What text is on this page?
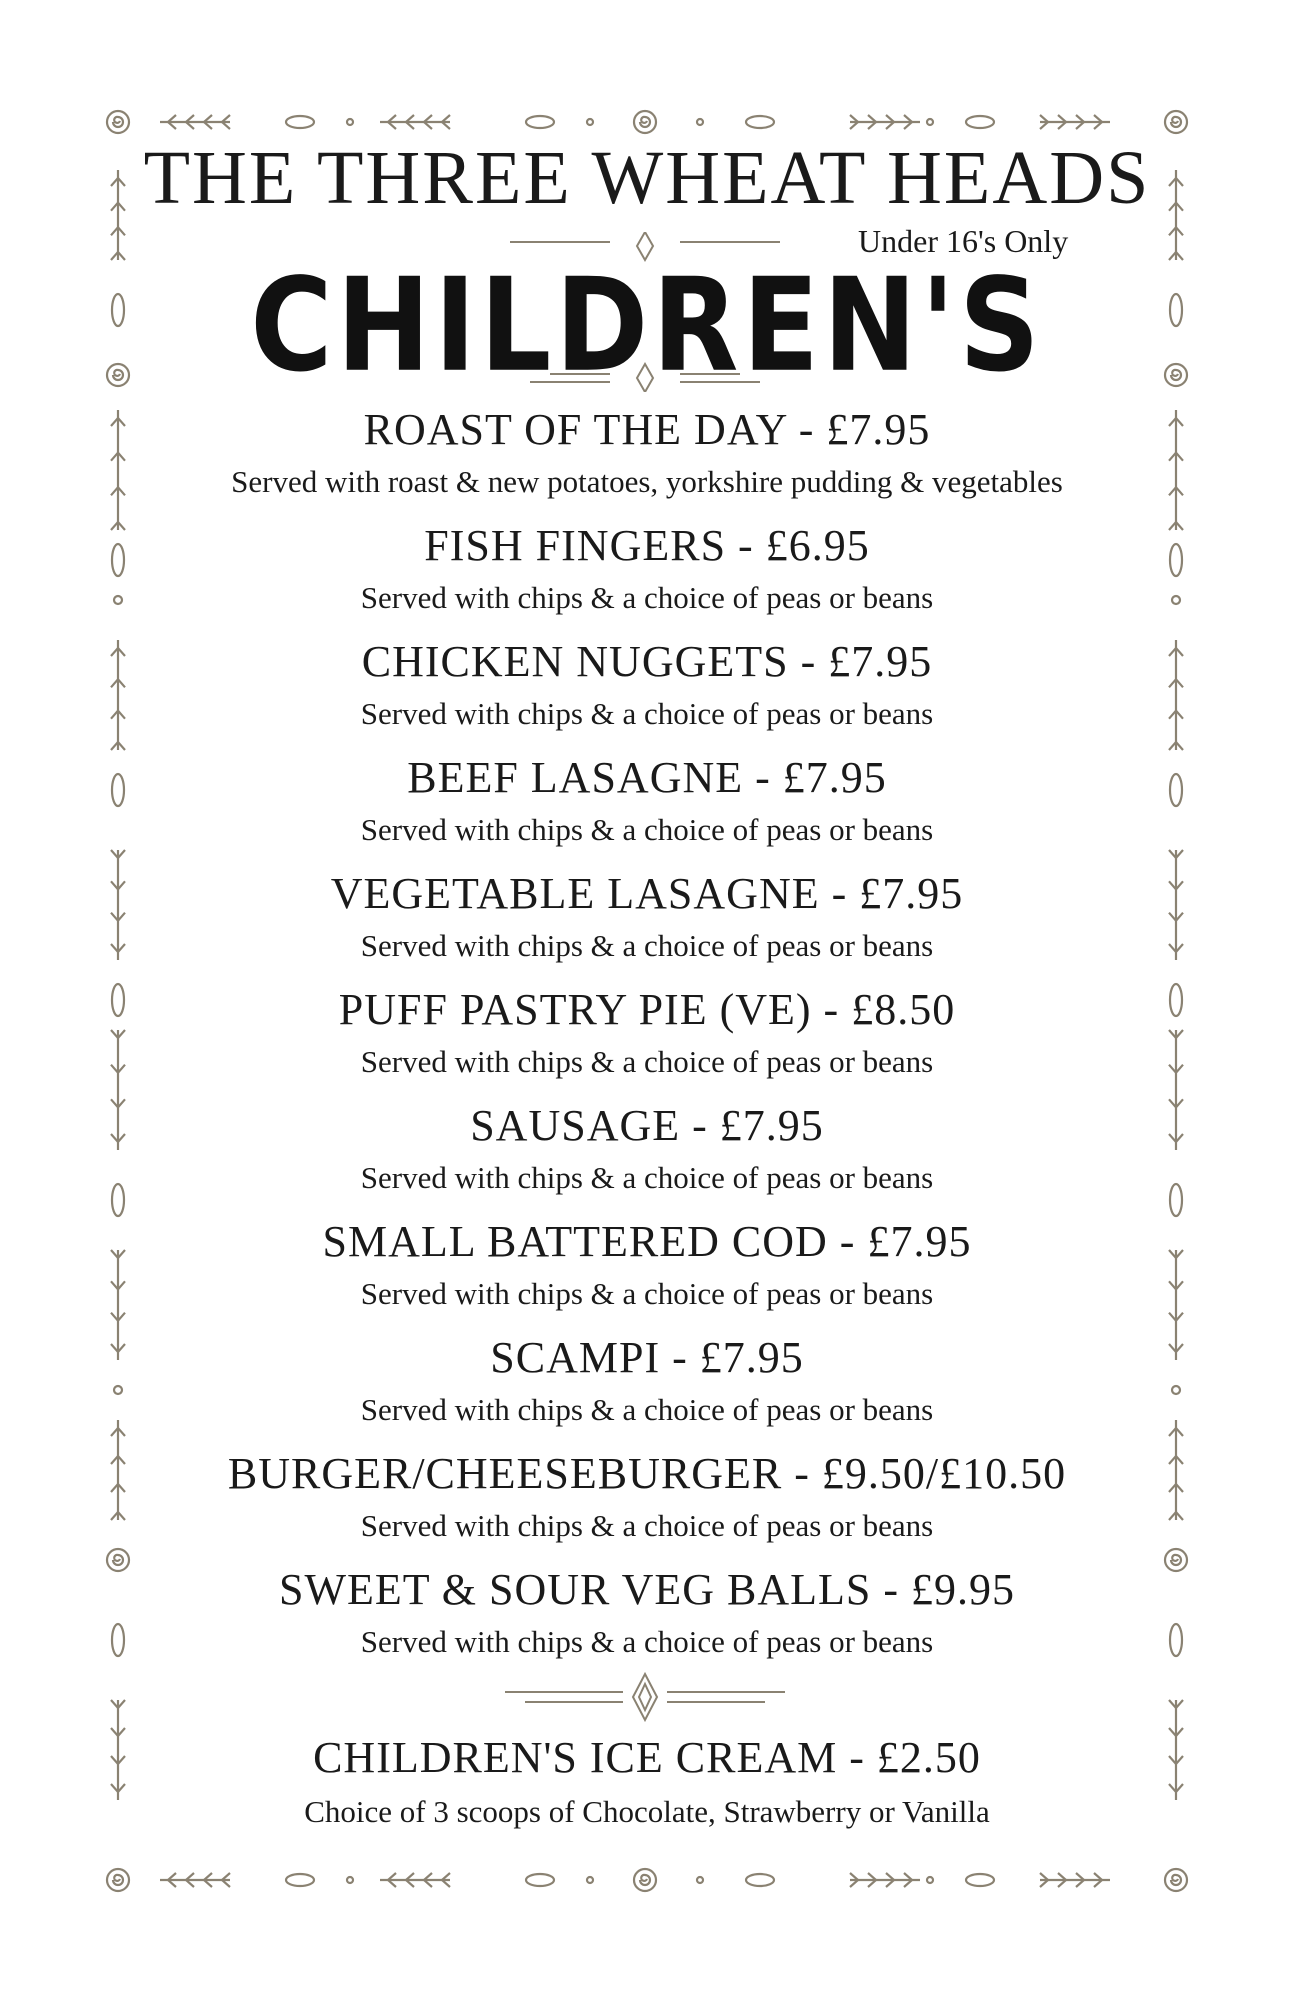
THE THREE WHEAT HEADS
Under 16's Only
CHILDREN'S
ROAST OF THE DAY - £7.95
Served with roast & new potatoes, yorkshire pudding & vegetables
FISH FINGERS - £6.95
Served with chips & a choice of peas or beans
CHICKEN NUGGETS - £7.95
Served with chips & a choice of peas or beans
BEEF LASAGNE - £7.95
Served with chips & a choice of peas or beans
VEGETABLE LASAGNE - £7.95
Served with chips & a choice of peas or beans
PUFF PASTRY PIE (VE) - £8.50
Served with chips & a choice of peas or beans
SAUSAGE - £7.95
Served with chips & a choice of peas or beans
SMALL BATTERED COD - £7.95
Served with chips & a choice of peas or beans
SCAMPI - £7.95
Served with chips & a choice of peas or beans
BURGER/CHEESEBURGER - £9.50/£10.50
Served with chips & a choice of peas or beans
SWEET & SOUR VEG BALLS - £9.95
Served with chips & a choice of peas or beans
CHILDREN'S ICE CREAM - £2.50
Choice of 3 scoops of Chocolate, Strawberry or Vanilla
